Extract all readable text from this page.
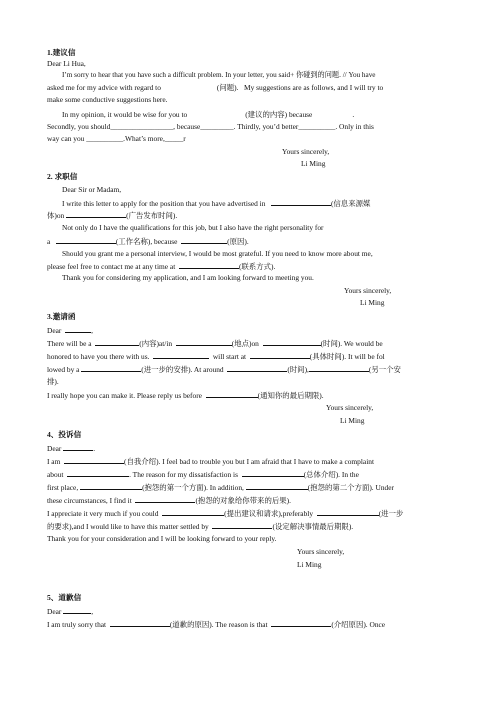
1.建议信
Dear Li Hua,
I’m sorry to hear that you have such a difficult problem. In your letter, you said+ 你碰到的问题. // You have
asked me for my advice with regard to	(问题). My suggestions are as follows, and I will try to
make some conductive suggestions here.
In my opinion, it would be wise for you to	(建议的内容) because	.
Secondly, you should_________________, because_________. Thirdly, you’d better__________. Only in this
way can you __________.What’s more,_____r
Yours sincerely,
Li Ming
2. 求职信
Dear Sir or Madam,
I write this letter to apply for the position that you have advertised in	(信息来源媒
体)on	(广告发布时间).
Not only do I have the qualifications for this job, but I also have the right personality for
a	(工作名称), because	(原因).
Should you grant me a personal interview, I would be most grateful. If you need to know more about me,
please feel free to contact me at any time at	(联系方式).
Thank you for considering my application, and I am looking forward to meeting you.
Yours sincerely,
Li Ming
3.邀请函
Dear	,
There will be a	(内容)at/in	(地点)on	(时间). We would be
honored to have you there with us.	will start at	(具体时间). It will be fol
lowed by a	(进一步的安排). At around	(时间),	(另一个安
排).
I really hope you can make it. Please reply us before	(通知你的最后期限).
Yours sincerely,
Li Ming
4、投诉信
Dear	.
I am	(自我介绍). I feel bad to trouble you but I am afraid that I have to make a complaint
about	. The reason for my dissatisfaction is	(总体介绍). In the
first place,	(抱怨的第一个方面). In addition,	(抱怨的第二个方面). Under
these circumstances, I find it	(抱怨的对象给你带来的后果).
I appreciate it very much if you could	(提出建议和请求),preferably	(进一步
的要求),and I would like to have this matter settled by	(设定解决事情最后期限).
Thank you for your consideration and I will be looking forward to your reply.
Yours sincerely,
Li Ming
5、道歉信
Dear	,
I am truly sorry that	(道歉的原因). The reason is that	(介绍原因). Once
